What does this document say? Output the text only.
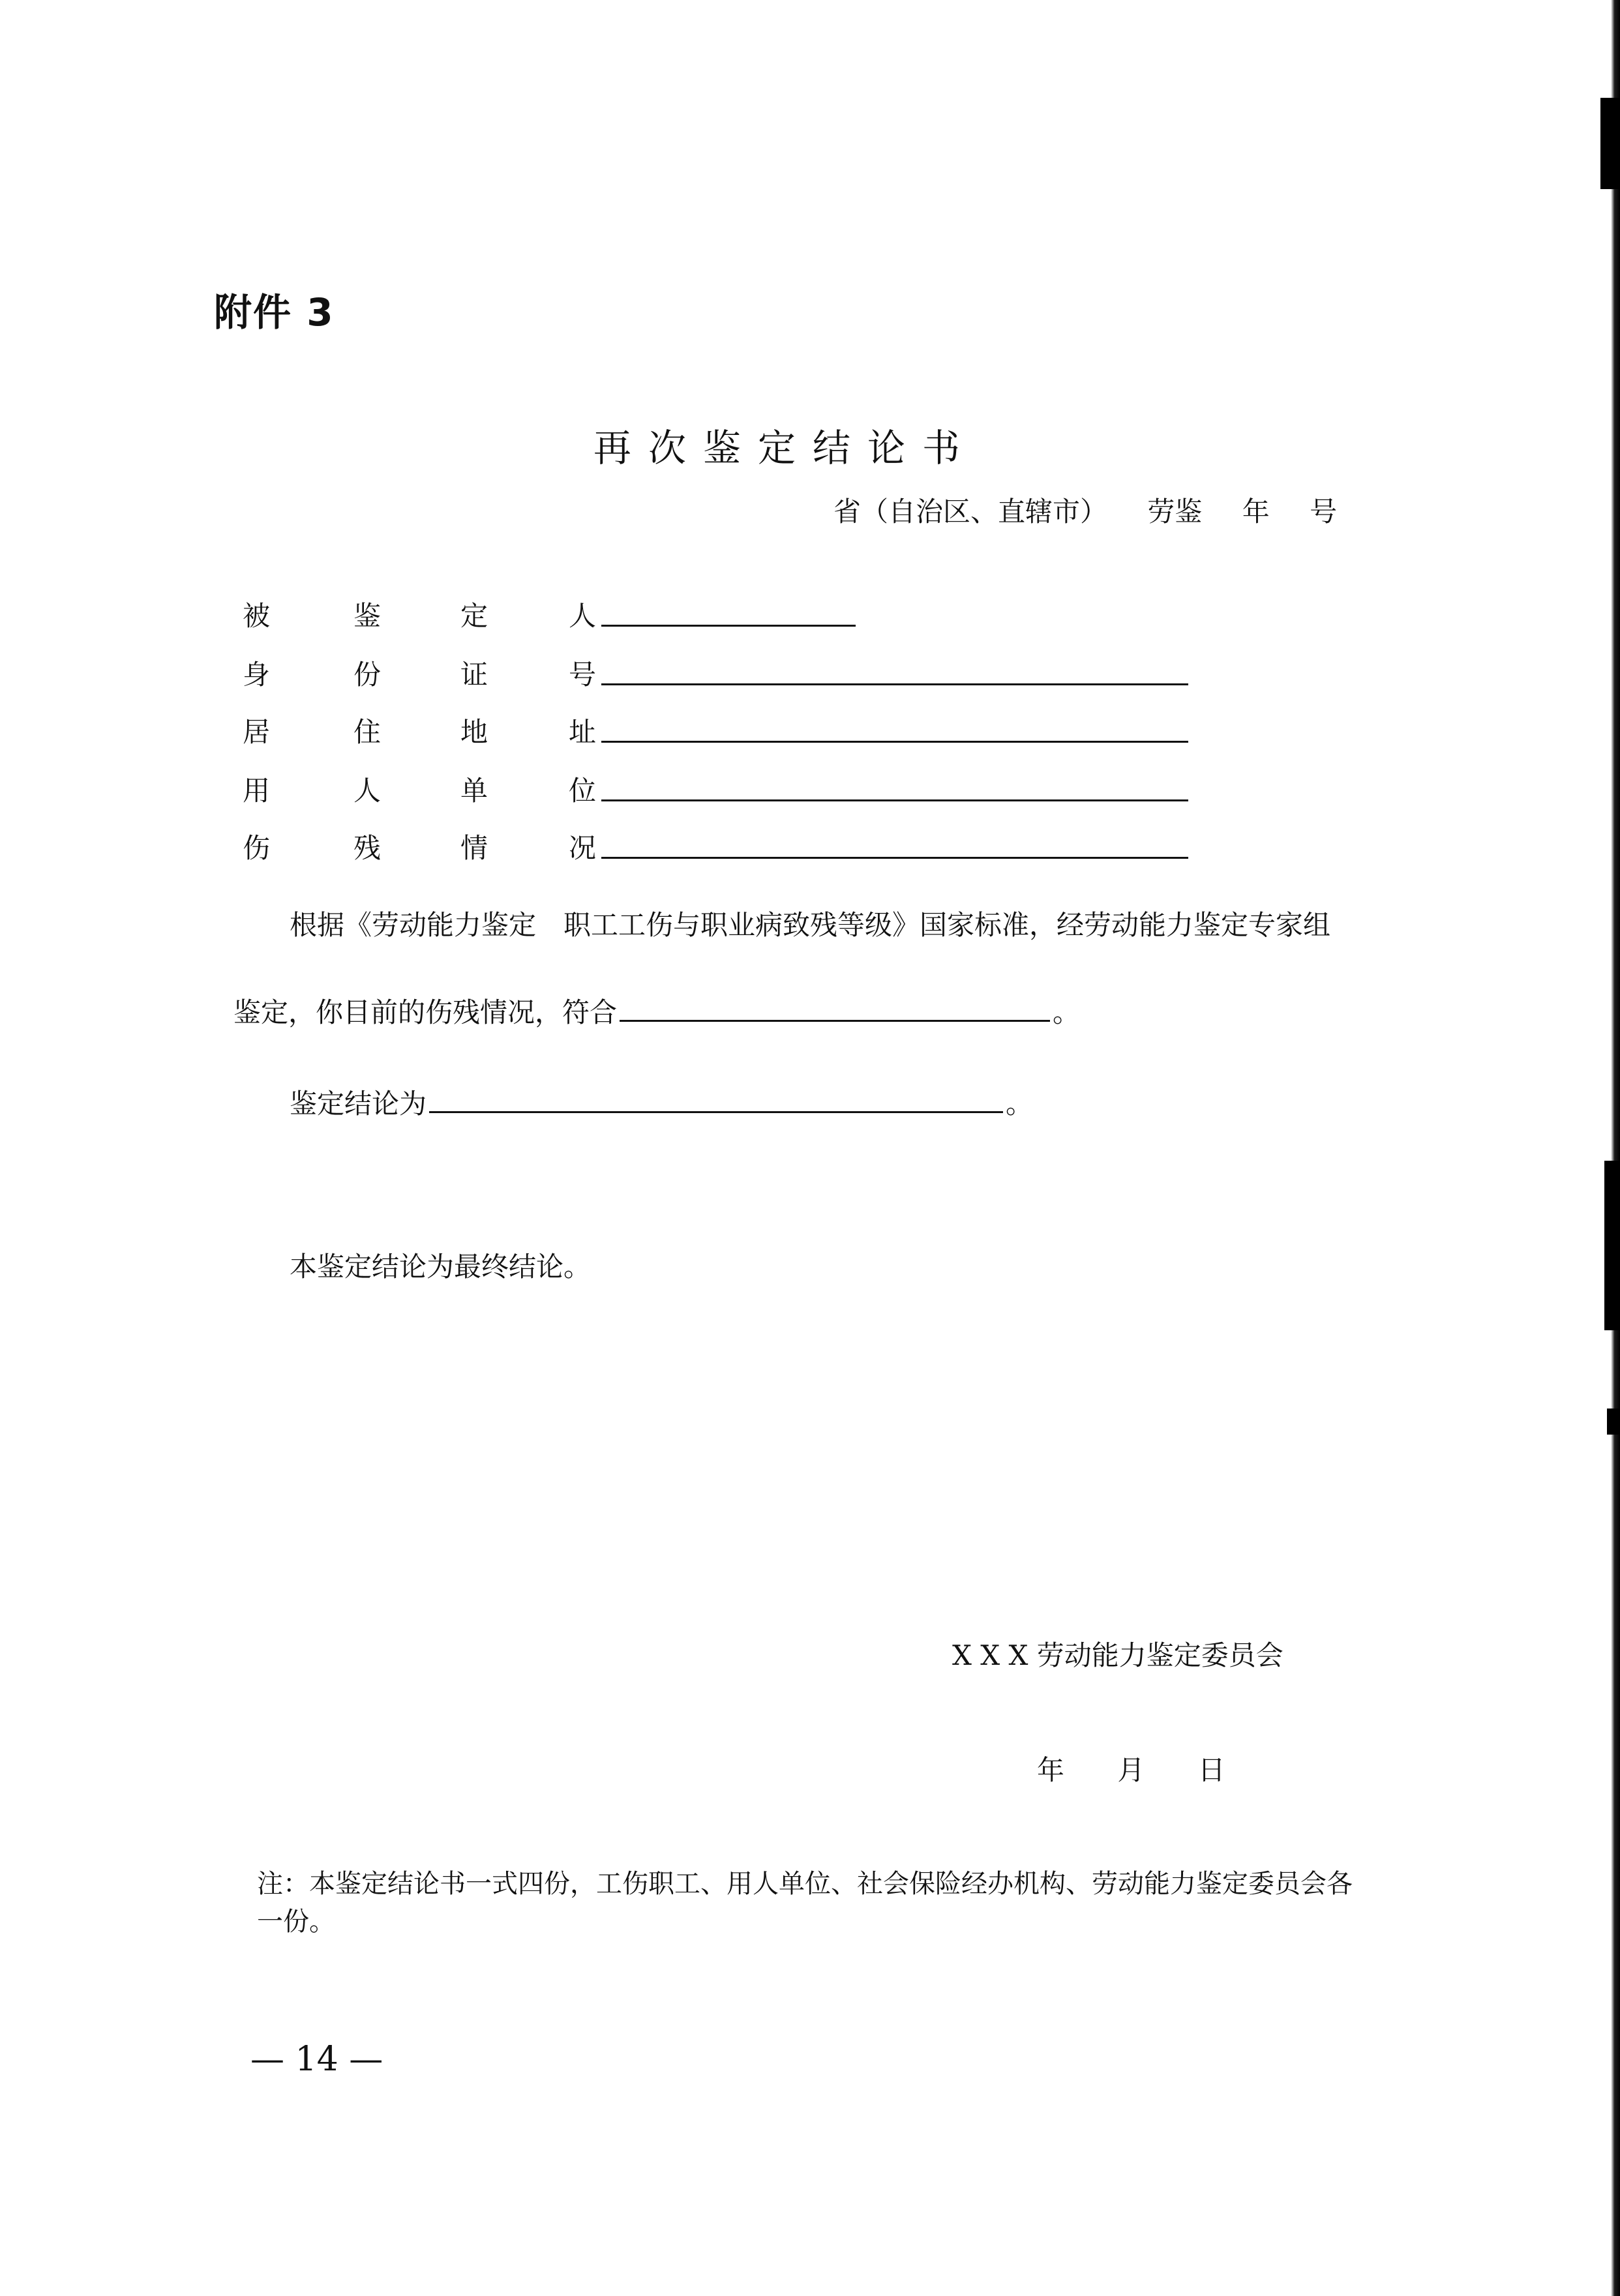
附件 3
再次鉴定结论书
省（自治区、直辖市） 劳鉴 年 号
被	鉴	定	人
身	份	证	号
居	住	地	址
用	人	单	位
伤	残	情	况
根据《劳动能力鉴定　职工工伤与职业病致残等级》国家标准，经劳动能力鉴定专家组
鉴定，你目前的伤残情况，符合	。
鉴定结论为	。
本鉴定结论为最终结论。
X X X 劳动能力鉴定委员会
年 月 日
注：本鉴定结论书一式四份，工伤职工、用人单位、社会保险经办机构、劳动能力鉴定委员会各一份。
— 14 —
